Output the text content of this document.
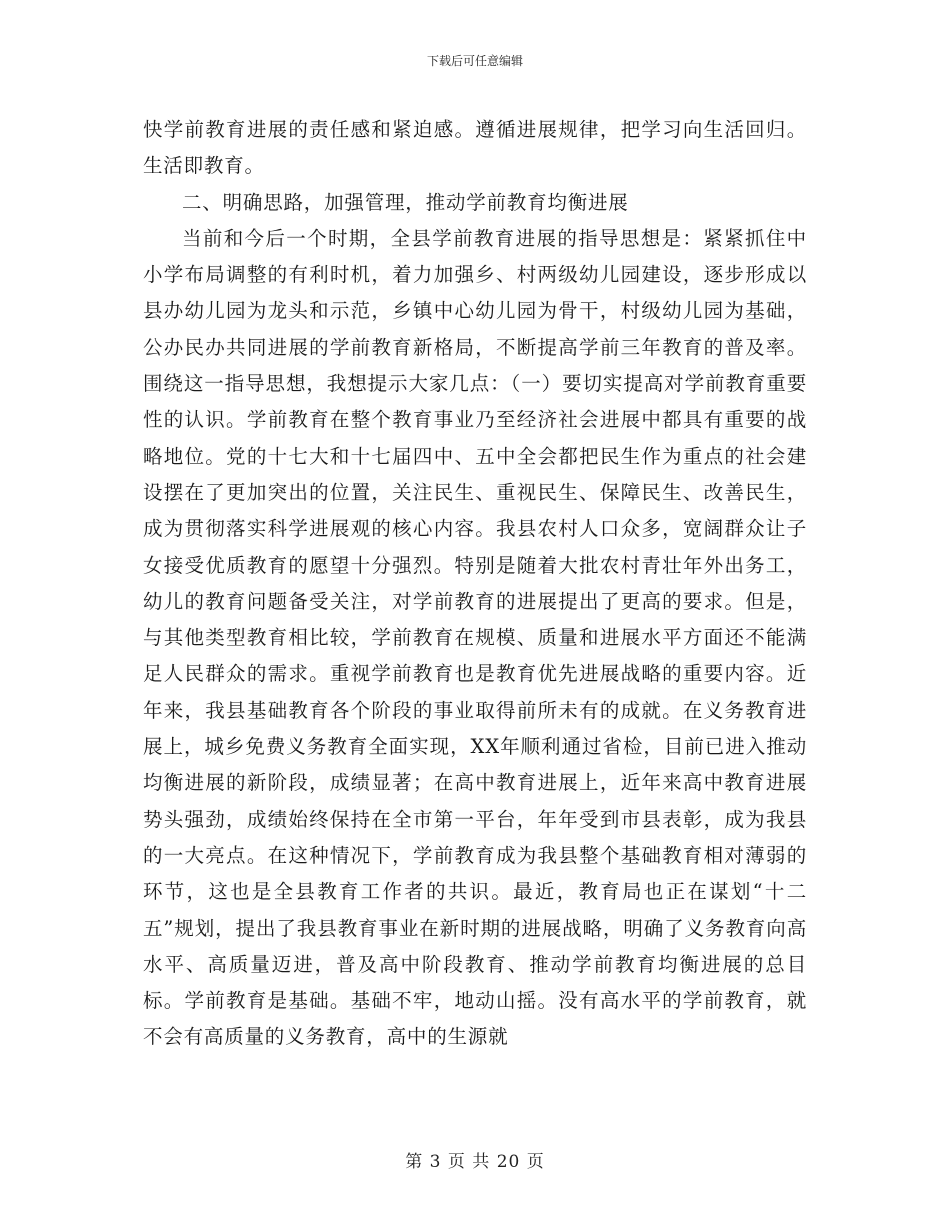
下载后可任意编辑

快学前教育进展的责任感和紧迫感。遵循进展规律，把学习向生活回归。生活即教育。

二、明确思路，加强管理，推动学前教育均衡进展

当前和今后一个时期，全县学前教育进展的指导思想是：紧紧抓住中小学布局调整的有利时机，着力加强乡、村两级幼儿园建设，逐步形成以县办幼儿园为龙头和示范，乡镇中心幼儿园为骨干，村级幼儿园为基础，公办民办共同进展的学前教育新格局，不断提高学前三年教育的普及率。围绕这一指导思想，我想提示大家几点：（一）要切实提高对学前教育重要性的认识。学前教育在整个教育事业乃至经济社会进展中都具有重要的战略地位。党的十七大和十七届四中、五中全会都把民生作为重点的社会建设摆在了更加突出的位置，关注民生、重视民生、保障民生、改善民生，成为贯彻落实科学进展观的核心内容。我县农村人口众多，宽阔群众让子女接受优质教育的愿望十分强烈。特别是随着大批农村青壮年外出务工，幼儿的教育问题备受关注，对学前教育的进展提出了更高的要求。但是，与其他类型教育相比较，学前教育在规模、质量和进展水平方面还不能满足人民群众的需求。重视学前教育也是教育优先进展战略的重要内容。近年来，我县基础教育各个阶段的事业取得前所未有的成就。在义务教育进展上，城乡免费义务教育全面实现，XX年顺利通过省检，目前已进入推动均衡进展的新阶段，成绩显著；在高中教育进展上，近年来高中教育进展势头强劲，成绩始终保持在全市第一平台，年年受到市县表彰，成为我县的一大亮点。在这种情况下，学前教育成为我县整个基础教育相对薄弱的环节，这也是全县教育工作者的共识。最近，教育局也正在谋划“十二五”规划，提出了我县教育事业在新时期的进展战略，明确了义务教育向高水平、高质量迈进，普及高中阶段教育、推动学前教育均衡进展的总目标。学前教育是基础。基础不牢，地动山摇。没有高水平的学前教育，就不会有高质量的义务教育，高中的生源就

第 3 页 共 20 页
